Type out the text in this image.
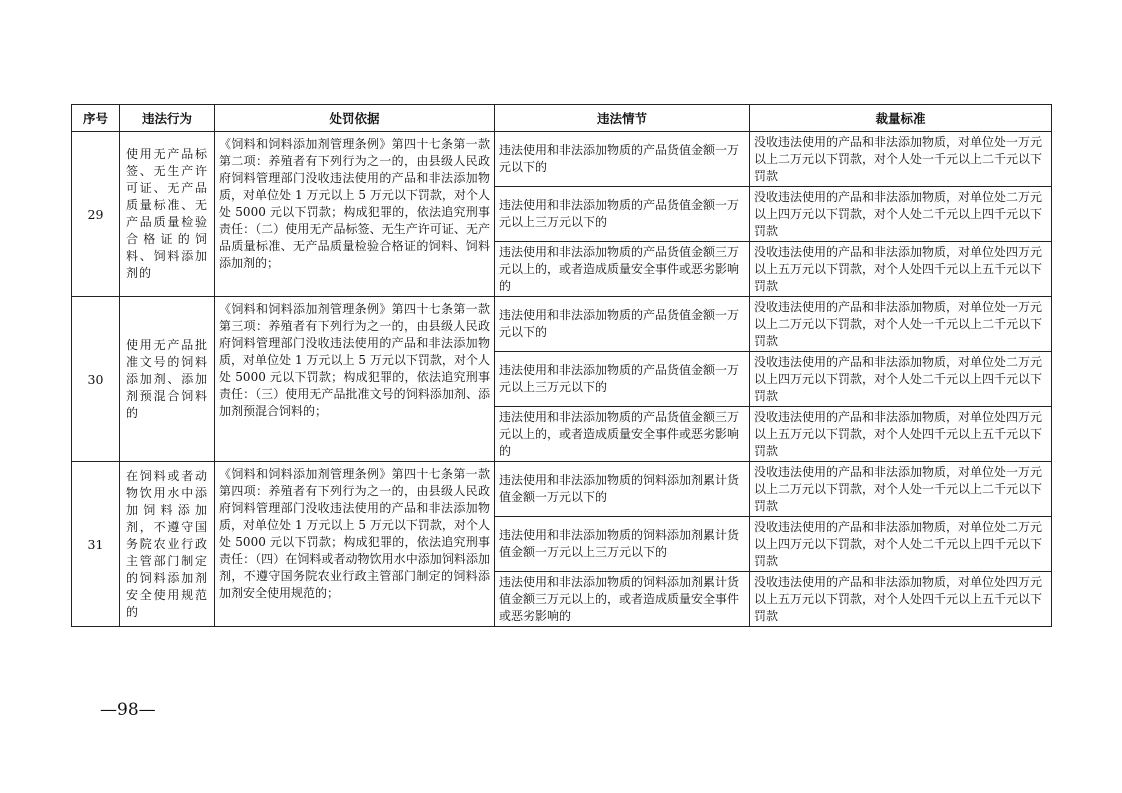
序号	违法行为	处罚依据	违法情节	裁量标准
29	使用无产品标签、无生产许可证、无产品质量标准、无产品质量检验合格证的饲料、饲料添加剂的	《饲料和饲料添加剂管理条例》第四十七条第一款第二项：养殖者有下列行为之一的，由县级人民政府饲料管理部门没收违法使用的产品和非法添加物质，对单位处 1 万元以上 5 万元以下罚款，对个人处 5000 元以下罚款；构成犯罪的，依法追究刑事责任：（二）使用无产品标签、无生产许可证、无产品质量标准、无产品质量检验合格证的饲料、饲料添加剂的；	违法使用和非法添加物质的产品货值金额一万元以下的	没收违法使用的产品和非法添加物质，对单位处一万元以上二万元以下罚款，对个人处一千元以上二千元以下罚款
			违法使用和非法添加物质的产品货值金额一万元以上三万元以下的	没收违法使用的产品和非法添加物质，对单位处二万元以上四万元以下罚款，对个人处二千元以上四千元以下罚款
			违法使用和非法添加物质的产品货值金额三万元以上的，或者造成质量安全事件或恶劣影响的	没收违法使用的产品和非法添加物质，对单位处四万元以上五万元以下罚款，对个人处四千元以上五千元以下罚款
30	使用无产品批准文号的饲料添加剂、添加剂预混合饲料的	《饲料和饲料添加剂管理条例》第四十七条第一款第三项：养殖者有下列行为之一的，由县级人民政府饲料管理部门没收违法使用的产品和非法添加物质，对单位处 1 万元以上 5 万元以下罚款，对个人处 5000 元以下罚款；构成犯罪的，依法追究刑事责任：（三）使用无产品批准文号的饲料添加剂、添加剂预混合饲料的；	违法使用和非法添加物质的产品货值金额一万元以下的	没收违法使用的产品和非法添加物质，对单位处一万元以上二万元以下罚款，对个人处一千元以上二千元以下罚款
			违法使用和非法添加物质的产品货值金额一万元以上三万元以下的	没收违法使用的产品和非法添加物质，对单位处二万元以上四万元以下罚款，对个人处二千元以上四千元以下罚款
			违法使用和非法添加物质的产品货值金额三万元以上的，或者造成质量安全事件或恶劣影响的	没收违法使用的产品和非法添加物质，对单位处四万元以上五万元以下罚款，对个人处四千元以上五千元以下罚款
31	在饲料或者动物饮用水中添加饲料添加剂，不遵守国务院农业行政主管部门制定的饲料添加剂安全使用规范的	《饲料和饲料添加剂管理条例》第四十七条第一款第四项：养殖者有下列行为之一的，由县级人民政府饲料管理部门没收违法使用的产品和非法添加物质，对单位处 1 万元以上 5 万元以下罚款，对个人处 5000 元以下罚款；构成犯罪的，依法追究刑事责任：（四）在饲料或者动物饮用水中添加饲料添加剂，不遵守国务院农业行政主管部门制定的饲料添加剂安全使用规范的；	违法使用和非法添加物质的饲料添加剂累计货值金额一万元以下的	没收违法使用的产品和非法添加物质，对单位处一万元以上二万元以下罚款，对个人处一千元以上二千元以下罚款
			违法使用和非法添加物质的饲料添加剂累计货值金额一万元以上三万元以下的	没收违法使用的产品和非法添加物质，对单位处二万元以上四万元以下罚款，对个人处二千元以上四千元以下罚款
			违法使用和非法添加物质的饲料添加剂累计货值金额三万元以上的，或者造成质量安全事件或恶劣影响的	没收违法使用的产品和非法添加物质，对单位处四万元以上五万元以下罚款，对个人处四千元以上五千元以下罚款
—98—
